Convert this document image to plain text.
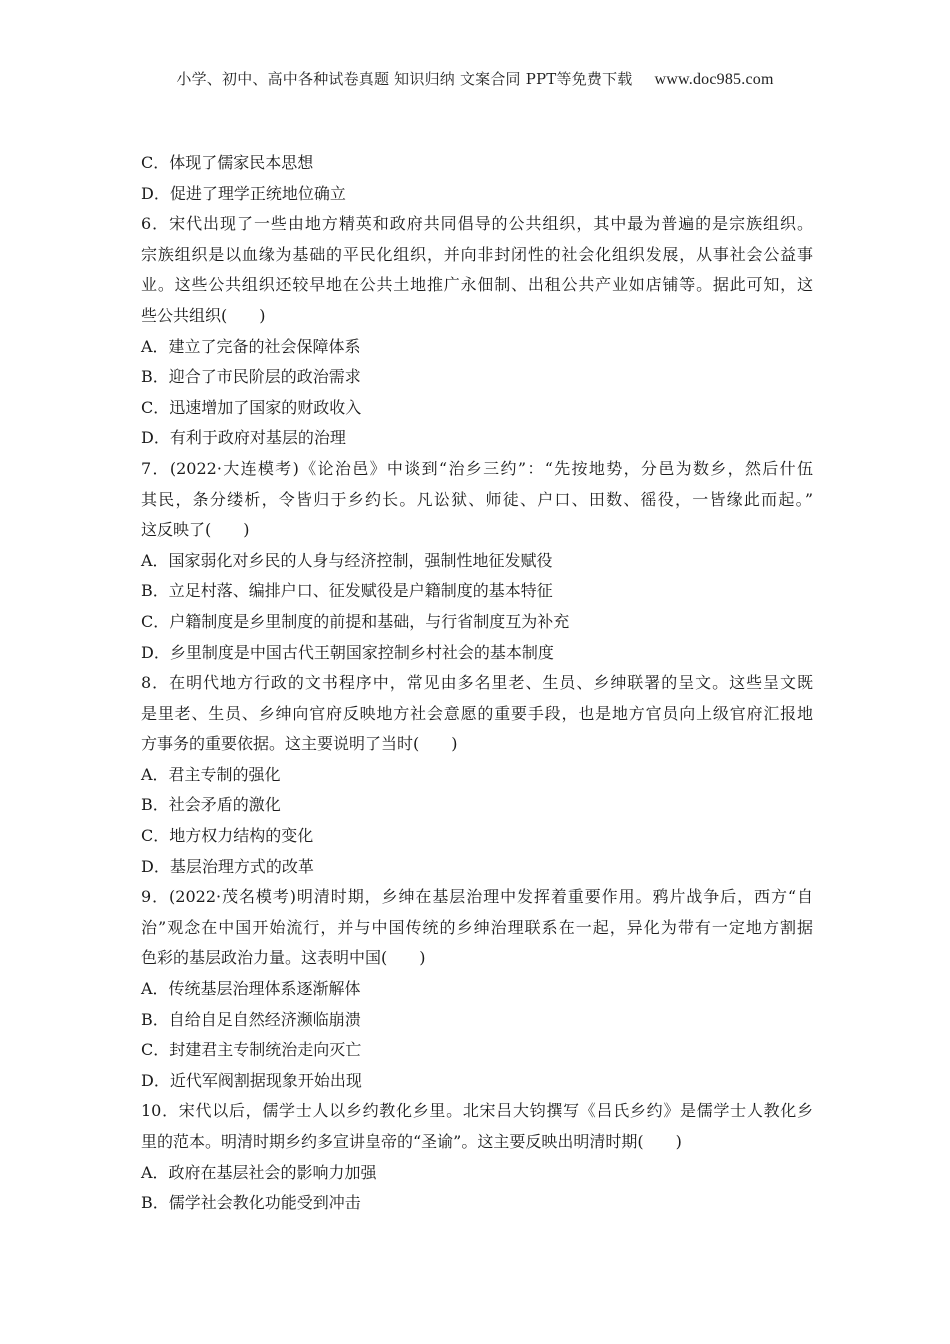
小学、初中、高中各种试卷真题 知识归纳 文案合同 PPT等免费下载 www.doc985.com
C．体现了儒家民本思想
D．促进了理学正统地位确立
6．宋代出现了一些由地方精英和政府共同倡导的公共组织，其中最为普遍的是宗族组织。
宗族组织是以血缘为基础的平民化组织，并向非封闭性的社会化组织发展，从事社会公益事
业。这些公共组织还较早地在公共土地推广永佃制、出租公共产业如店铺等。据此可知，这
些公共组织(　　)
A．建立了完备的社会保障体系
B．迎合了市民阶层的政治需求
C．迅速增加了国家的财政收入
D．有利于政府对基层的治理
7．(2022·大连模考)《论治邑》中谈到“治乡三约”：“先按地势，分邑为数乡，然后什伍
其民，条分缕析，令皆归于乡约长。凡讼狱、师徒、户口、田数、徭役，一皆缘此而起。”
这反映了(　　)
A．国家弱化对乡民的人身与经济控制，强制性地征发赋役
B．立足村落、编排户口、征发赋役是户籍制度的基本特征
C．户籍制度是乡里制度的前提和基础，与行省制度互为补充
D．乡里制度是中国古代王朝国家控制乡村社会的基本制度
8．在明代地方行政的文书程序中，常见由多名里老、生员、乡绅联署的呈文。这些呈文既
是里老、生员、乡绅向官府反映地方社会意愿的重要手段，也是地方官员向上级官府汇报地
方事务的重要依据。这主要说明了当时(　　)
A．君主专制的强化
B．社会矛盾的激化
C．地方权力结构的变化
D．基层治理方式的改革
9．(2022·茂名模考)明清时期，乡绅在基层治理中发挥着重要作用。鸦片战争后，西方“自
治”观念在中国开始流行，并与中国传统的乡绅治理联系在一起，异化为带有一定地方割据
色彩的基层政治力量。这表明中国(　　)
A．传统基层治理体系逐渐解体
B．自给自足自然经济濒临崩溃
C．封建君主专制统治走向灭亡
D．近代军阀割据现象开始出现
10．宋代以后，儒学士人以乡约教化乡里。北宋吕大钧撰写《吕氏乡约》是儒学士人教化乡
里的范本。明清时期乡约多宣讲皇帝的“圣谕”。这主要反映出明清时期(　　)
A．政府在基层社会的影响力加强
B．儒学社会教化功能受到冲击
